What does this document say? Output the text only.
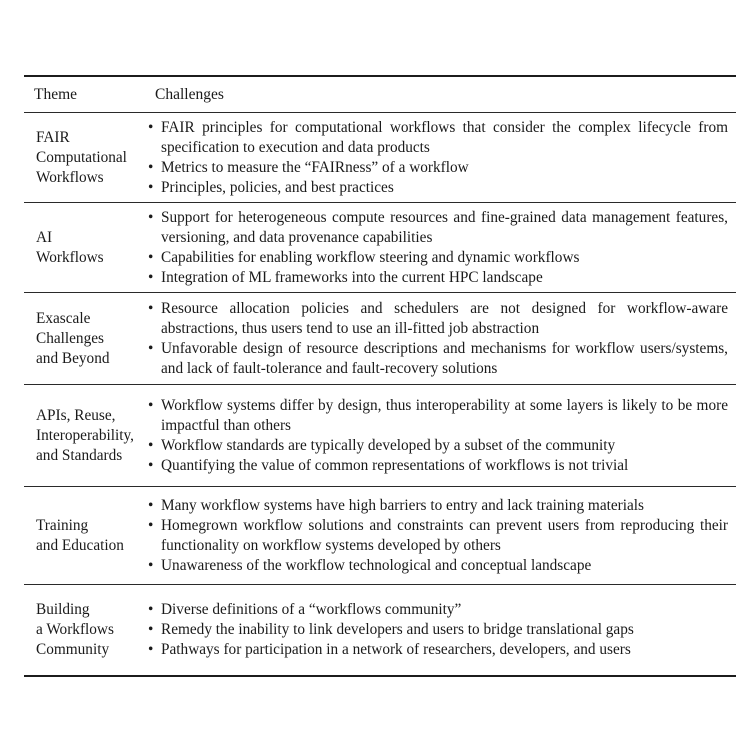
Theme	Challenges
FAIR
Computational
Workflows
• FAIR principles for computational workflows that consider the complex lifecycle from specification to execution and data products
• Metrics to measure the “FAIRness” of a workflow
• Principles, policies, and best practices
AI
Workflows
• Support for heterogeneous compute resources and fine-grained data management features, versioning, and data provenance capabilities
• Capabilities for enabling workflow steering and dynamic workflows
• Integration of ML frameworks into the current HPC landscape
Exascale
Challenges
and Beyond
• Resource allocation policies and schedulers are not designed for workflow-aware abstractions, thus users tend to use an ill-fitted job abstraction
• Unfavorable design of resource descriptions and mechanisms for workflow users/systems, and lack of fault-tolerance and fault-recovery solutions
APIs, Reuse,
Interoperability,
and Standards
• Workflow systems differ by design, thus interoperability at some layers is likely to be more impactful than others
• Workflow standards are typically developed by a subset of the community
• Quantifying the value of common representations of workflows is not trivial
Training
and Education
• Many workflow systems have high barriers to entry and lack training materials
• Homegrown workflow solutions and constraints can prevent users from reproducing their functionality on workflow systems developed by others
• Unawareness of the workflow technological and conceptual landscape
Building
a Workflows
Community
• Diverse definitions of a “workflows community”
• Remedy the inability to link developers and users to bridge translational gaps
• Pathways for participation in a network of researchers, developers, and users
